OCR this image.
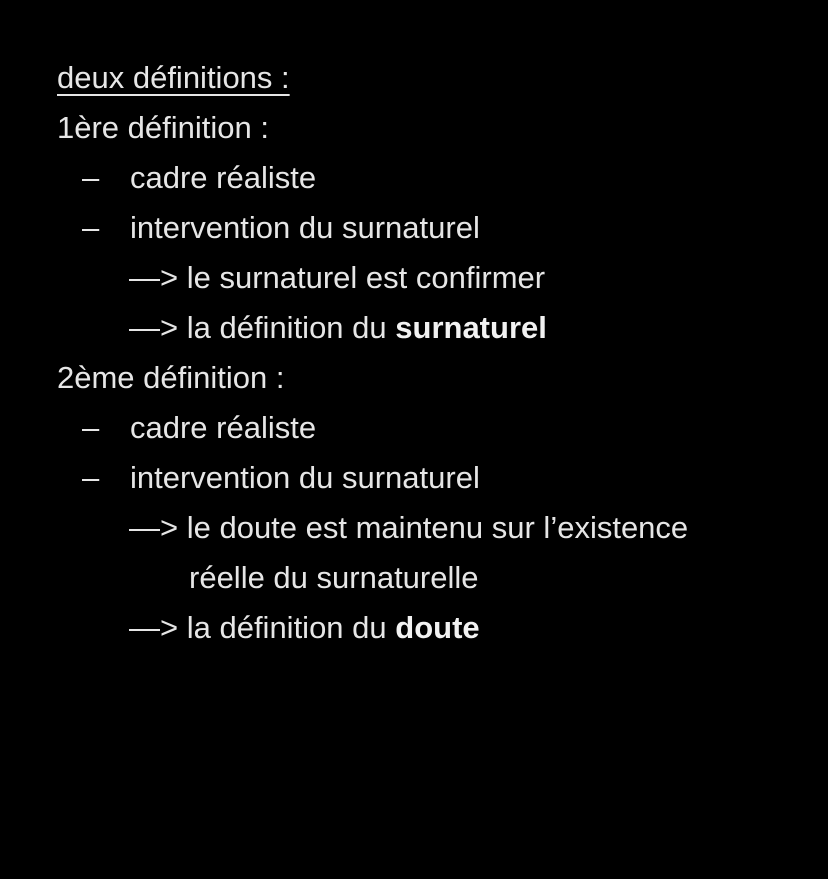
deux définitions :
1ère définition :
– cadre réaliste
– intervention du surnaturel
—> le surnaturel est confirmer
—> la définition du surnaturel
2ème définition :
– cadre réaliste
– intervention du surnaturel
—> le doute est maintenu sur l’existence
réelle du surnaturelle
—> la définition du doute
